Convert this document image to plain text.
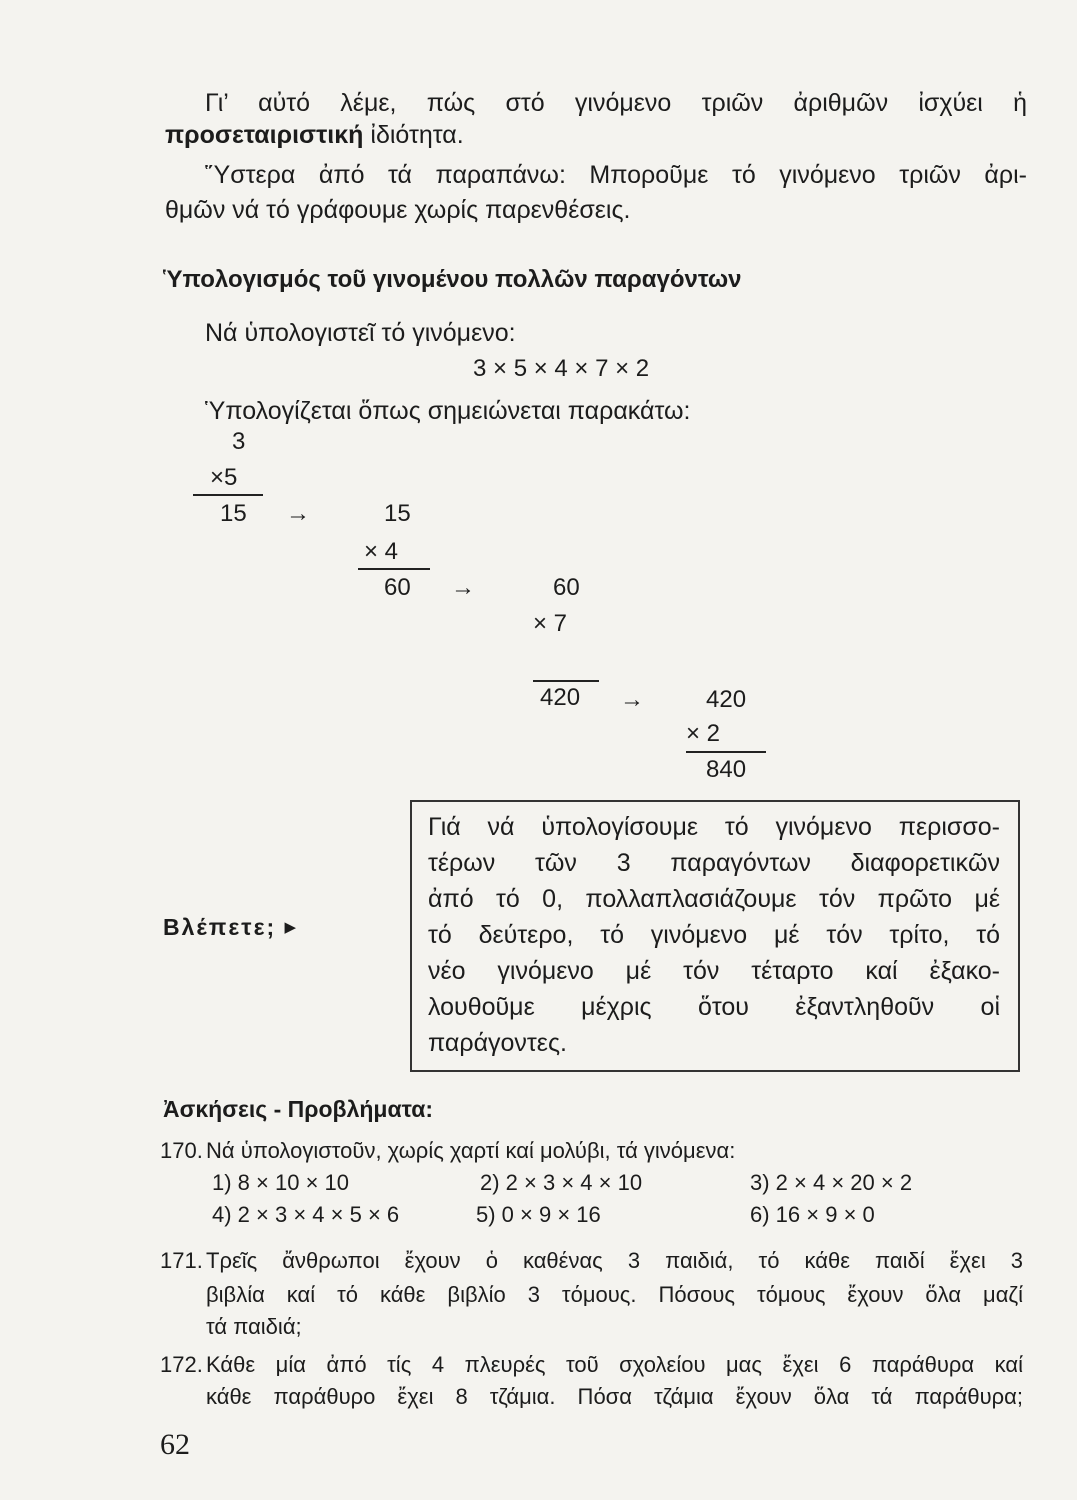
Γι’ αὐτό λέμε, πώς στό γινόμενο τριῶν ἀριθμῶν ἰσχύει ἡ
προσεταιριστική ἰδιότητα.
Ὕστερα ἀπό τά παραπάνω: Μποροῦμε τό γινόμενο τριῶν ἀρι-
θμῶν νά τό γράφουμε χωρίς παρενθέσεις.
Ὑπολογισμός τοῦ γινομένου πολλῶν παραγόντων
Νά ὑπολογιστεῖ τό γινόμενο:
3 × 5 × 4 × 7 × 2
Ὑπολογίζεται ὅπως σημειώνεται παρακάτω:
3
×5
15 →	15
× 4
60 →	60
× 7
420 →	420
× 2
840
Βλέπετε; ▶
Γιά νά ὑπολογίσουμε τό γινόμενο περισσο-
τέρων τῶν 3 παραγόντων διαφορετικῶν
ἀπό τό 0, πολλαπλασιάζουμε τόν πρῶτο μέ
τό δεύτερο, τό γινόμενο μέ τόν τρίτο, τό
νέο γινόμενο μέ τόν τέταρτο καί ἐξακο-
λουθοῦμε μέχρις ὅτου ἐξαντληθοῦν οἱ
παράγοντες.
Ἀσκήσεις - Προβλήματα:
170. Νά ὑπολογιστοῦν, χωρίς χαρτί καί μολύβι, τά γινόμενα:
1) 8 × 10 × 10	2) 2 × 3 × 4 × 10	3) 2 × 4 × 20 × 2
4) 2 × 3 × 4 × 5 × 6	5) 0 × 9 × 16	6) 16 × 9 × 0
171. Τρεῖς ἄνθρωποι ἔχουν ὁ καθένας 3 παιδιά, τό κάθε παιδί ἔχει 3
βιβλία καί τό κάθε βιβλίο 3 τόμους. Πόσους τόμους ἔχουν ὅλα μαζί
τά παιδιά;
172. Κάθε μία ἀπό τίς 4 πλευρές τοῦ σχολείου μας ἔχει 6 παράθυρα καί
κάθε παράθυρο ἔχει 8 τζάμια. Πόσα τζάμια ἔχουν ὅλα τά παράθυρα;
62
